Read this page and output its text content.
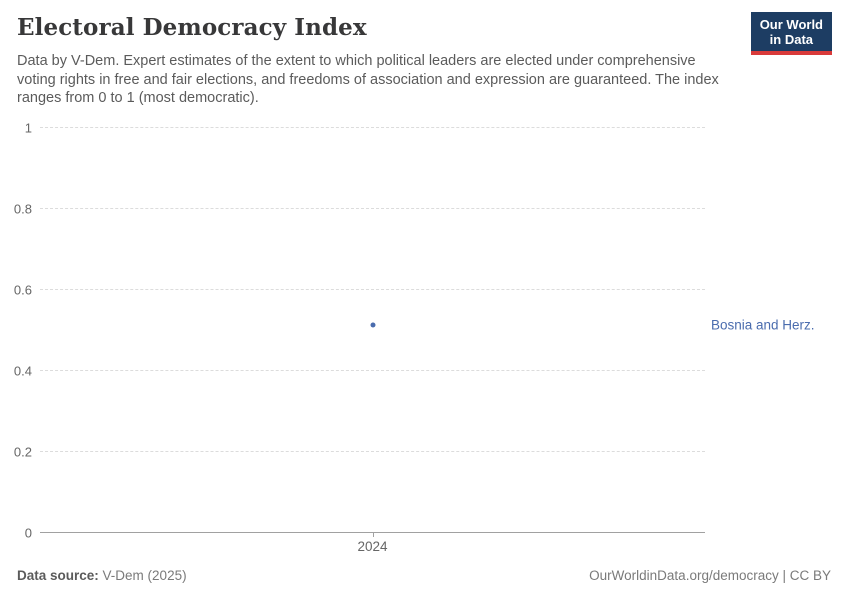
Electoral Democracy Index	Our World
in Data

Data by V-Dem. Expert estimates of the extent to which political leaders are elected under comprehensive voting rights in free and fair elections, and freedoms of association and expression are guaranteed. The index ranges from 0 to 1 (most democratic).

1
0.8
0.6
0.4
0.2
0
2024
Bosnia and Herz.
Data source: V-Dem (2025)	OurWorldinData.org/democracy | CC BY
